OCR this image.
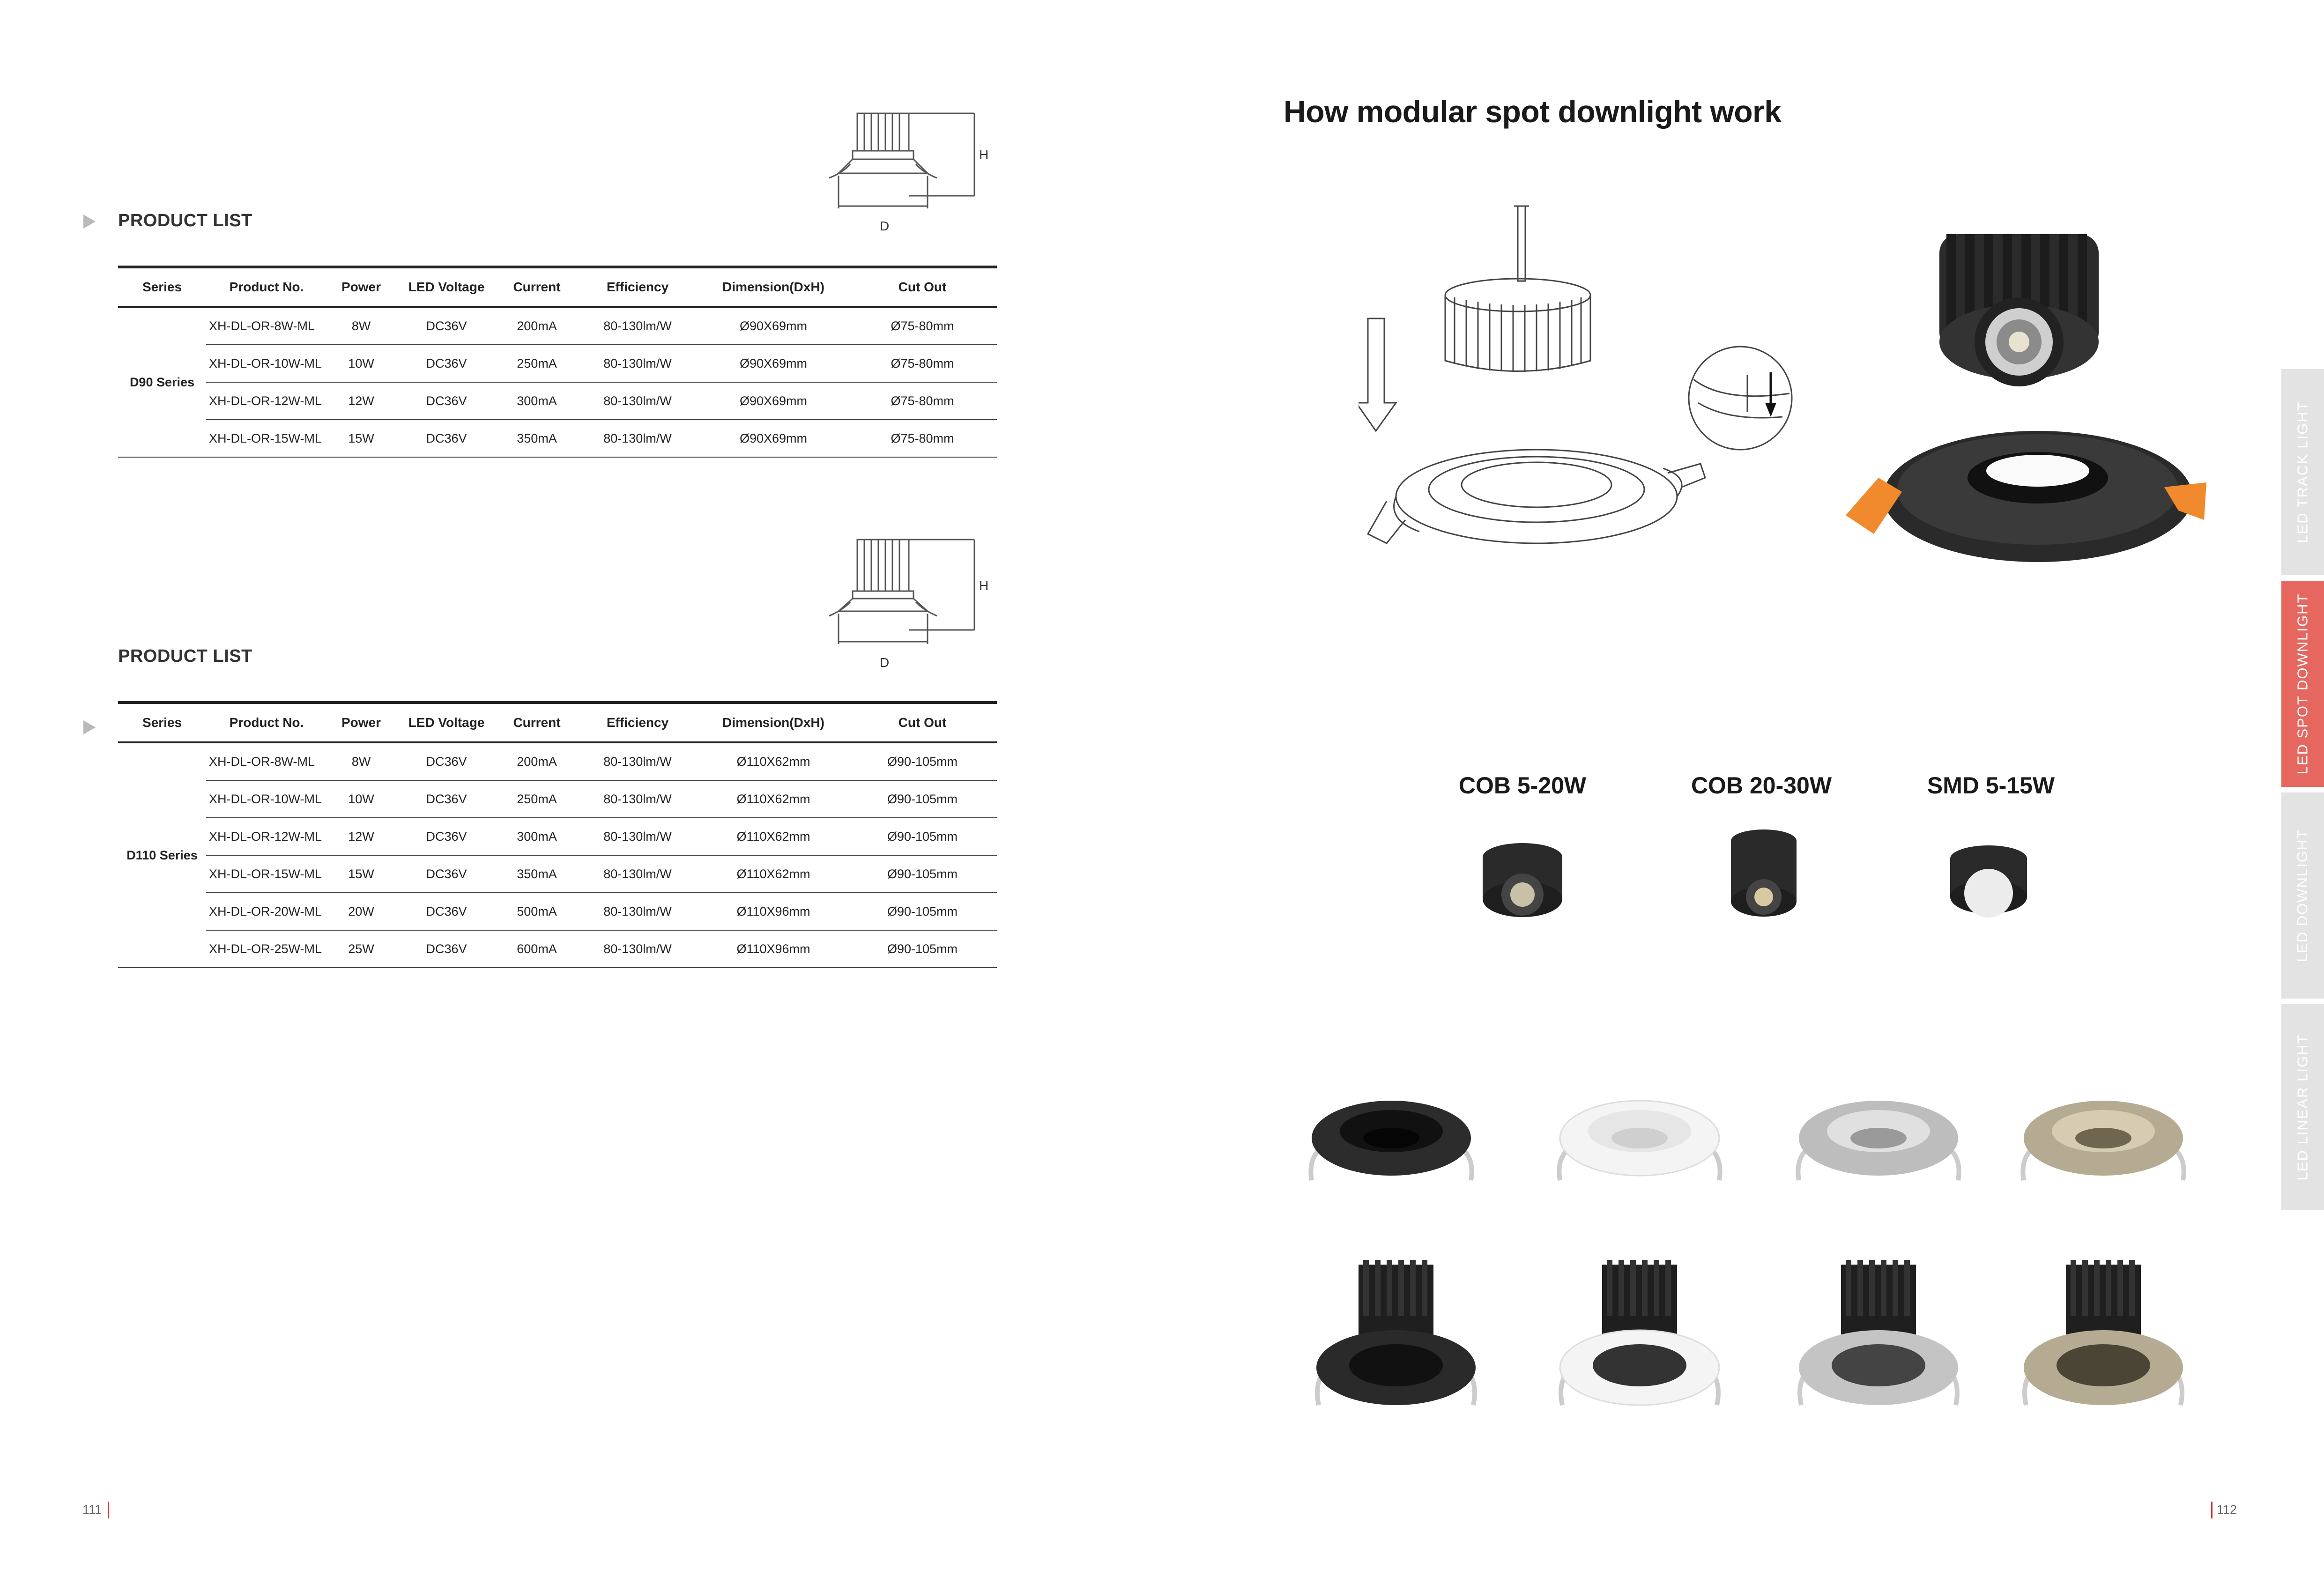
PRODUCT LIST
H
D
Series	Product No.	Power	LED Voltage	Current	Efficiency	Dimension(DxH)	Cut Out
D90 Series	XH-DL-OR-8W-ML	8W	DC36V	200mA	80-130lm/W	Ø90X69mm	Ø75-80mm
	XH-DL-OR-10W-ML	10W	DC36V	250mA	80-130lm/W	Ø90X69mm	Ø75-80mm
	XH-DL-OR-12W-ML	12W	DC36V	300mA	80-130lm/W	Ø90X69mm	Ø75-80mm
	XH-DL-OR-15W-ML	15W	DC36V	350mA	80-130lm/W	Ø90X69mm	Ø75-80mm
PRODUCT LIST
H
D
Series	Product No.	Power	LED Voltage	Current	Efficiency	Dimension(DxH)	Cut Out
D110 Series	XH-DL-OR-8W-ML	8W	DC36V	200mA	80-130lm/W	Ø110X62mm	Ø90-105mm
	XH-DL-OR-10W-ML	10W	DC36V	250mA	80-130lm/W	Ø110X62mm	Ø90-105mm
	XH-DL-OR-12W-ML	12W	DC36V	300mA	80-130lm/W	Ø110X62mm	Ø90-105mm
	XH-DL-OR-15W-ML	15W	DC36V	350mA	80-130lm/W	Ø110X62mm	Ø90-105mm
	XH-DL-OR-20W-ML	20W	DC36V	500mA	80-130lm/W	Ø110X96mm	Ø90-105mm
	XH-DL-OR-25W-ML	25W	DC36V	600mA	80-130lm/W	Ø110X96mm	Ø90-105mm
111
How modular spot downlight work
COB 5-20W	COB 20-30W	SMD 5-15W
112
LED TRACK LIGHT
LED SPOT DOWNLIGHT
LED DOWNLIGHT
LED LINEAR LIGHT
